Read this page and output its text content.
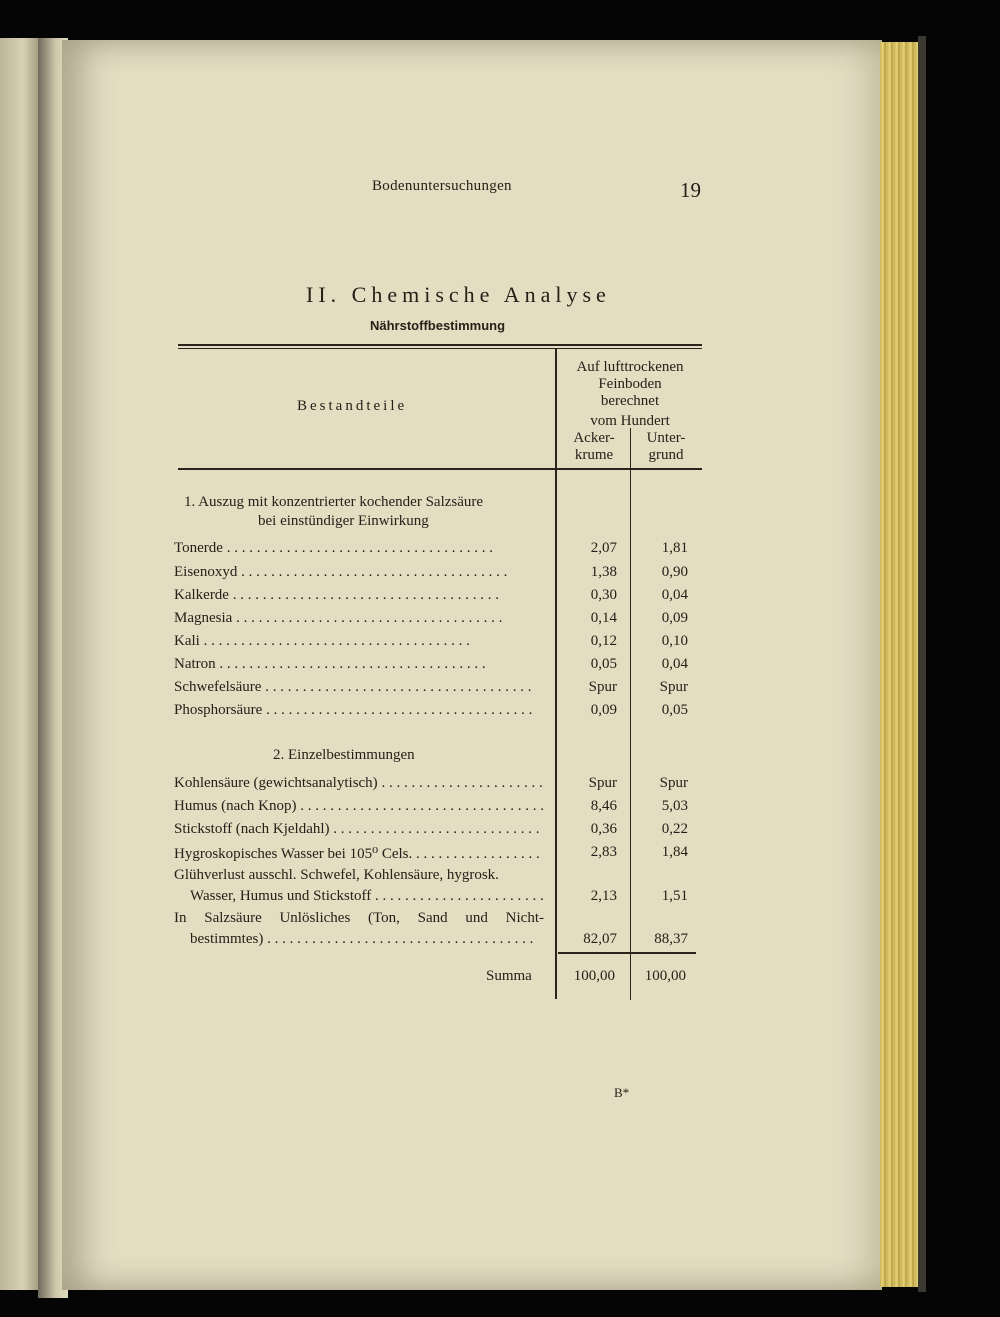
Bodenuntersuchungen	19
II. Chemische Analyse
Nährstoffbestimmung
Bestandteile
Auf lufttrockenen
Feinboden
berechnet
vom Hundert
Acker-
krume
Unter-
grund
1. Auszug mit konzentrierter kochender Salzsäure
bei einstündiger Einwirkung
Tonerde . . .	2,07	1,81
Eisenoxyd . . .	1,38	0,90
Kalkerde . . .	0,30	0,04
Magnesia . . .	0,14	0,09
Kali . . .	0,12	0,10
Natron . . .	0,05	0,04
Schwefelsäure . . .	Spur	Spur
Phosphorsäure . . .	0,09	0,05
2. Einzelbestimmungen
Kohlensäure (gewichtsanalytisch) . . .	Spur	Spur
Humus (nach Knop) . . .	8,46	5,03
Stickstoff (nach Kjeldahl) . . .	0,36	0,22
Hygroskopisches Wasser bei 105⁰ Cels. . . .	2,83	1,84
Glühverlust ausschl. Schwefel, Kohlensäure, hygrosk.
Wasser, Humus und Stickstoff . . .	2,13	1,51
In Salzsäure Unlösliches (Ton, Sand und Nicht-
bestimmtes) . . .	82,07	88,37
Summa	100,00	100,00
B*
